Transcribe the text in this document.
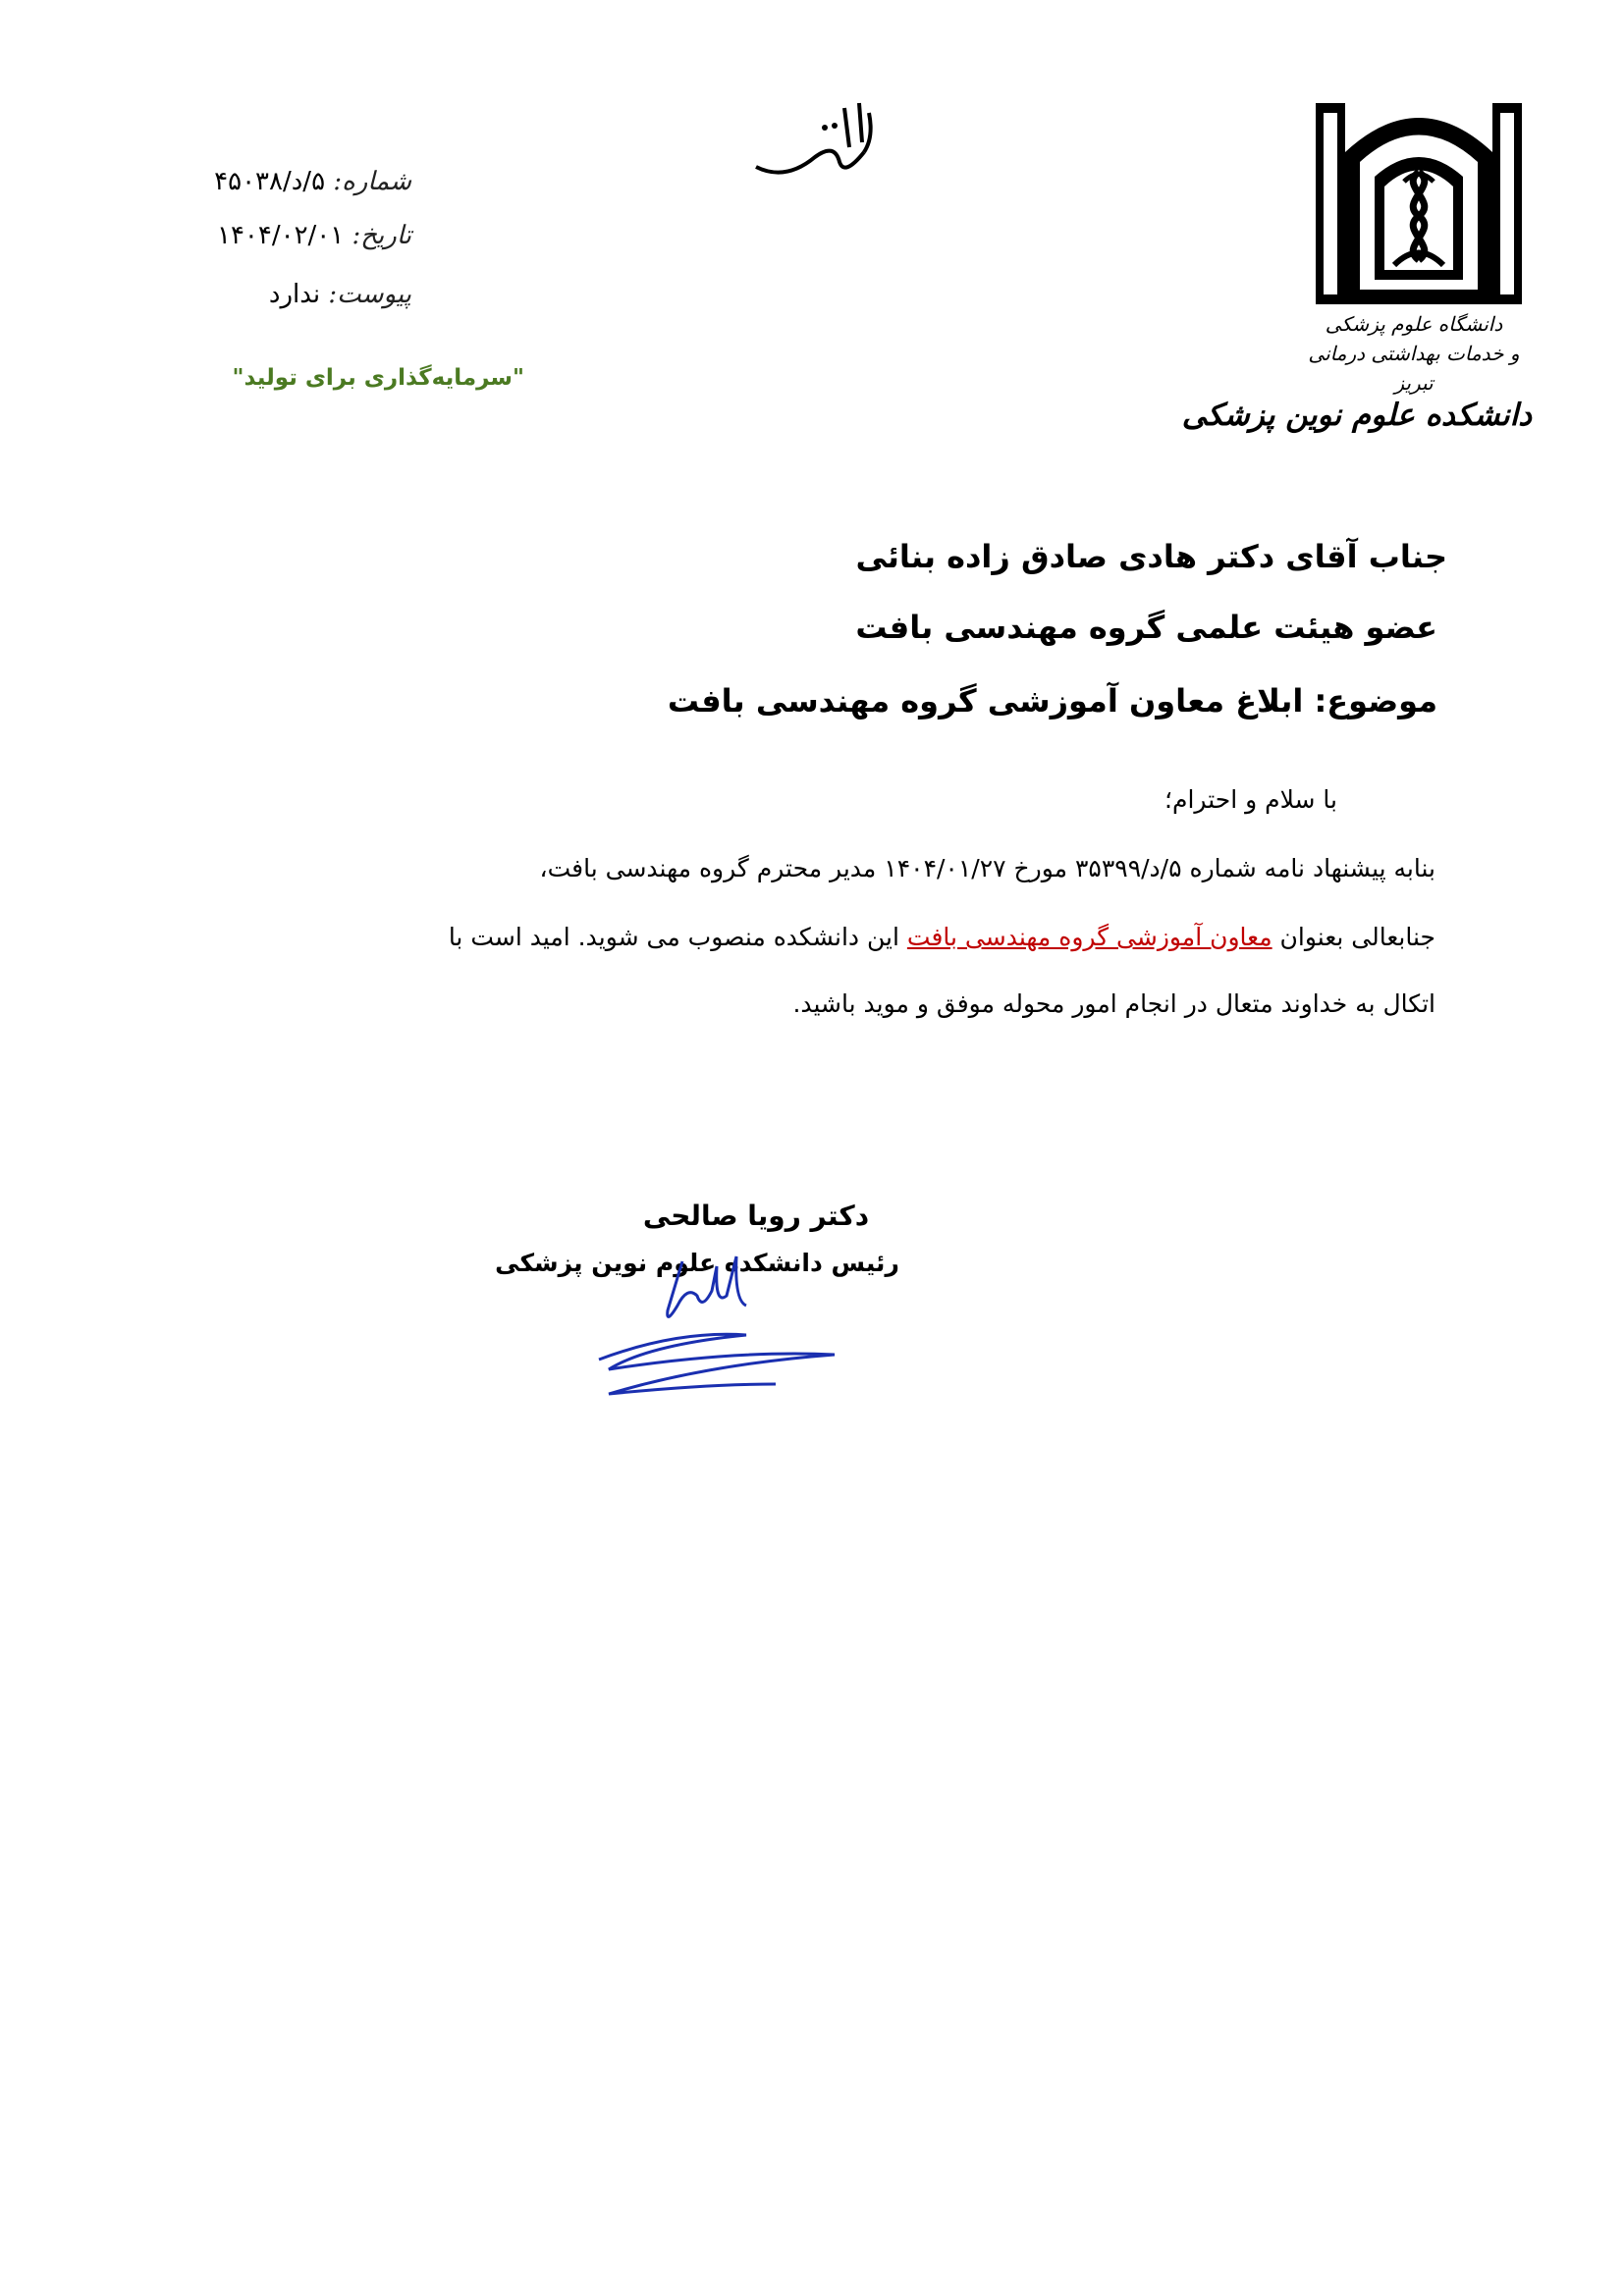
دانشگاه علوم پزشکی
و خدمات بهداشتی درمانی تبریز
دانشکده علوم نوین پزشکی
شماره: ۵/د/۴۵۰۳۸
تاریخ: ۱۴۰۴/۰۲/۰۱
پیوست: ندارد
"سرمایه‌گذاری برای تولید"
جناب آقای دکتر هادی صادق زاده بنائی
عضو هیئت علمی گروه مهندسی بافت
موضوع: ابلاغ معاون آموزشی گروه مهندسی بافت
با سلام و احترام؛
بنابه پیشنهاد نامه شماره ۵/د/۳۵۳۹۹ مورخ ۱۴۰۴/۰۱/۲۷ مدیر محترم گروه مهندسی بافت،
جنابعالی بعنوان معاون آموزشی گروه مهندسی بافت این دانشکده منصوب می شوید. امید است با
اتکال به خداوند متعال در انجام امور محوله موفق و موید باشید.
دکتر رویا صالحی
رئیس دانشکده علوم نوین پزشکی
